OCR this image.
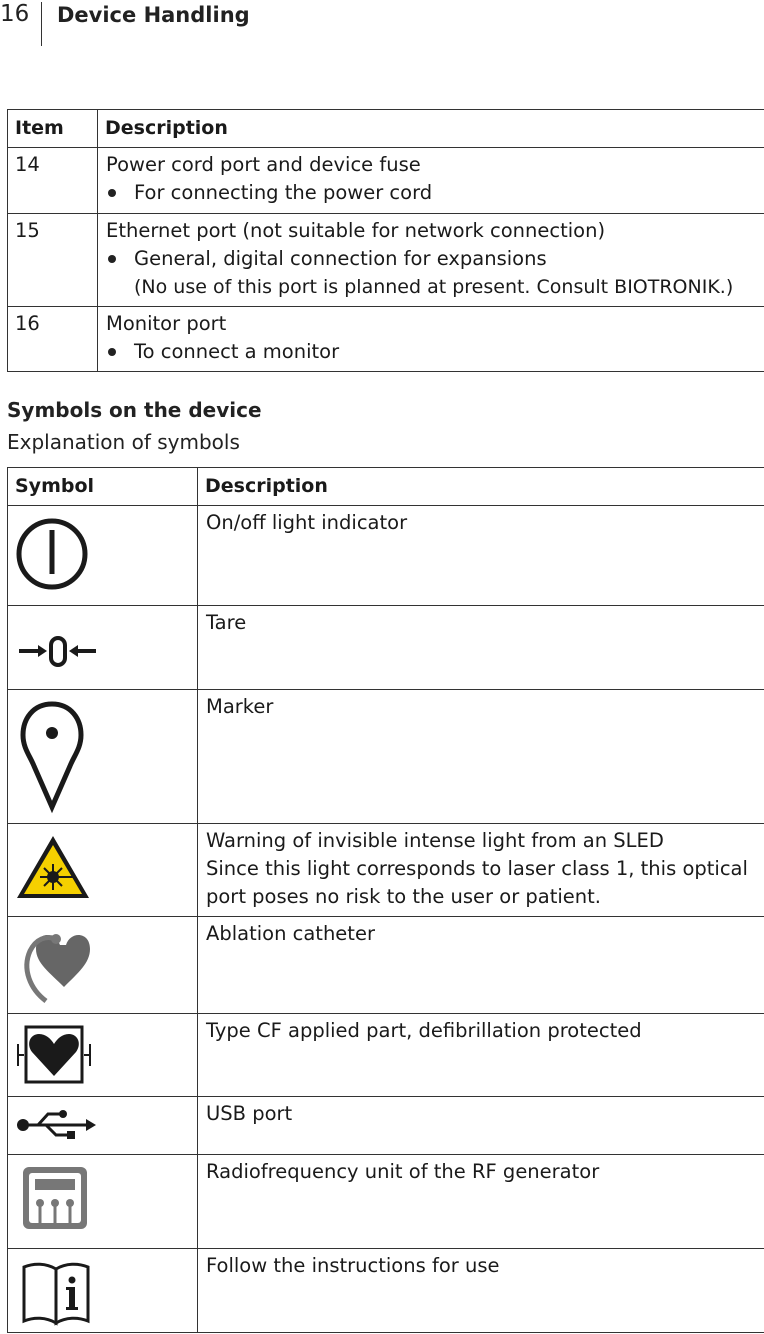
16 Device Handling
Item	Description
14	Power cord port and device fuse
For connecting the power cord

15	Ethernet port (not suitable for network connection)
General, digital connection for expansions
(No use of this port is planned at present. Consult BIOTRONIK.)

16	Monitor port
To connect a monitor
Symbols on the device
Explanation of symbols
Symbol	Description

On/off light indicator

Tare

Marker

Warning of invisible intense light from an SLED
Since this light corresponds to laser class 1, this optical port poses no risk to the user or patient.

Ablation catheter

Type CF applied part, defibrillation protected

USB port

Radiofrequency unit of the RF generator

Follow the instructions for use
